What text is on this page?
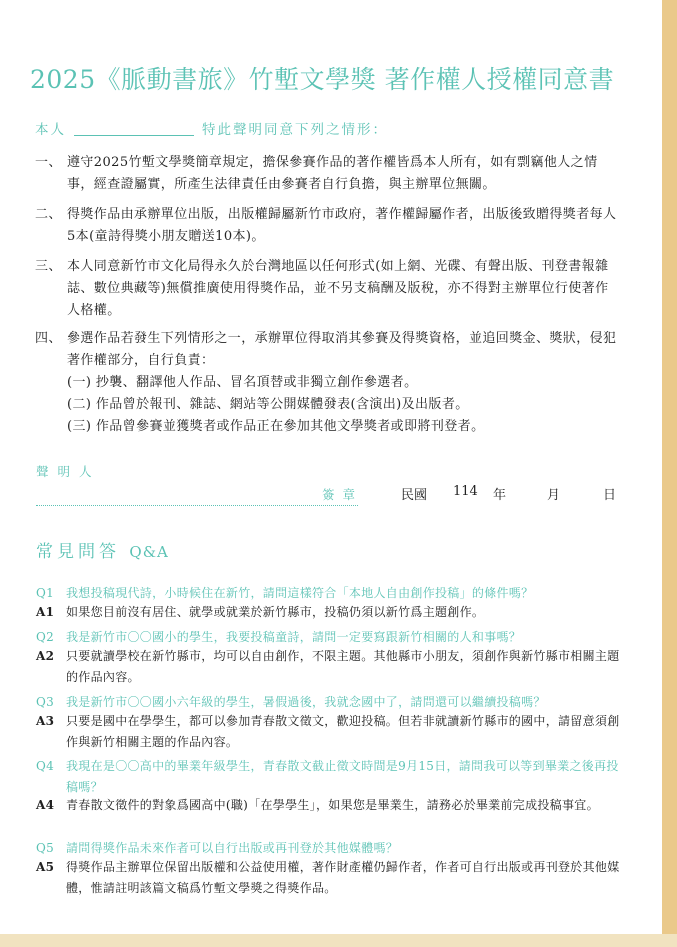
2025《脈動書旅》竹塹文學獎 著作權人授權同意書
本人	特此聲明同意下列之情形：
一、 遵守2025竹塹文學獎簡章規定，擔保參賽作品的著作權皆爲本人所有，如有剽竊他人之情事，經查證屬實，所產生法律責任由參賽者自行負擔，與主辦單位無關。
二、 得獎作品由承辦單位出版，出版權歸屬新竹市政府，著作權歸屬作者，出版後致贈得獎者每人5本(童詩得獎小朋友贈送10本)。
三、 本人同意新竹市文化局得永久於台灣地區以任何形式(如上網、光碟、有聲出版、刊登書報雜誌、數位典藏等)無償推廣使用得獎作品，並不另支稿酬及版稅，亦不得對主辦單位行使著作人格權。
四、 參選作品若發生下列情形之一，承辦單位得取消其參賽及得獎資格，並追回獎金、獎狀，侵犯著作權部分，自行負責：
(一) 抄襲、翻譯他人作品、冒名頂替或非獨立創作參選者。
(二) 作品曾於報刊、雜誌、網站等公開媒體發表(含演出)及出版者。
(三) 作品曾參賽並獲獎者或作品正在參加其他文學獎者或即將刊登者。
聲明人
簽章	民國 114 年	月	日
常見問答 Q&A
Q1 我想投稿現代詩，小時候住在新竹，請問這樣符合「本地人自由創作投稿」的條件嗎？
A1 如果您目前沒有居住、就學或就業於新竹縣市，投稿仍須以新竹爲主題創作。
Q2 我是新竹市〇〇國小的學生，我要投稿童詩，請問一定要寫跟新竹相關的人和事嗎？
A2 只要就讀學校在新竹縣市，均可以自由創作，不限主題。其他縣市小朋友，須創作與新竹縣市相關主題的作品內容。
Q3 我是新竹市〇〇國小六年級的學生，暑假過後，我就念國中了，請問還可以繼續投稿嗎？
A3 只要是國中在學學生，都可以參加青春散文徵文，歡迎投稿。但若非就讀新竹縣市的國中，請留意須創作與新竹相關主題的作品內容。
Q4 我現在是〇〇高中的畢業年級學生，青春散文截止徵文時間是9月15日，請問我可以等到畢業之後再投稿嗎？
A4 青春散文徵件的對象爲國高中(職)「在學學生」，如果您是畢業生，請務必於畢業前完成投稿事宜。
Q5 請問得獎作品未來作者可以自行出版或再刊登於其他媒體嗎？
A5 得獎作品主辦單位保留出版權和公益使用權，著作財產權仍歸作者，作者可自行出版或再刊登於其他媒體，惟請註明該篇文稿爲竹塹文學獎之得獎作品。
